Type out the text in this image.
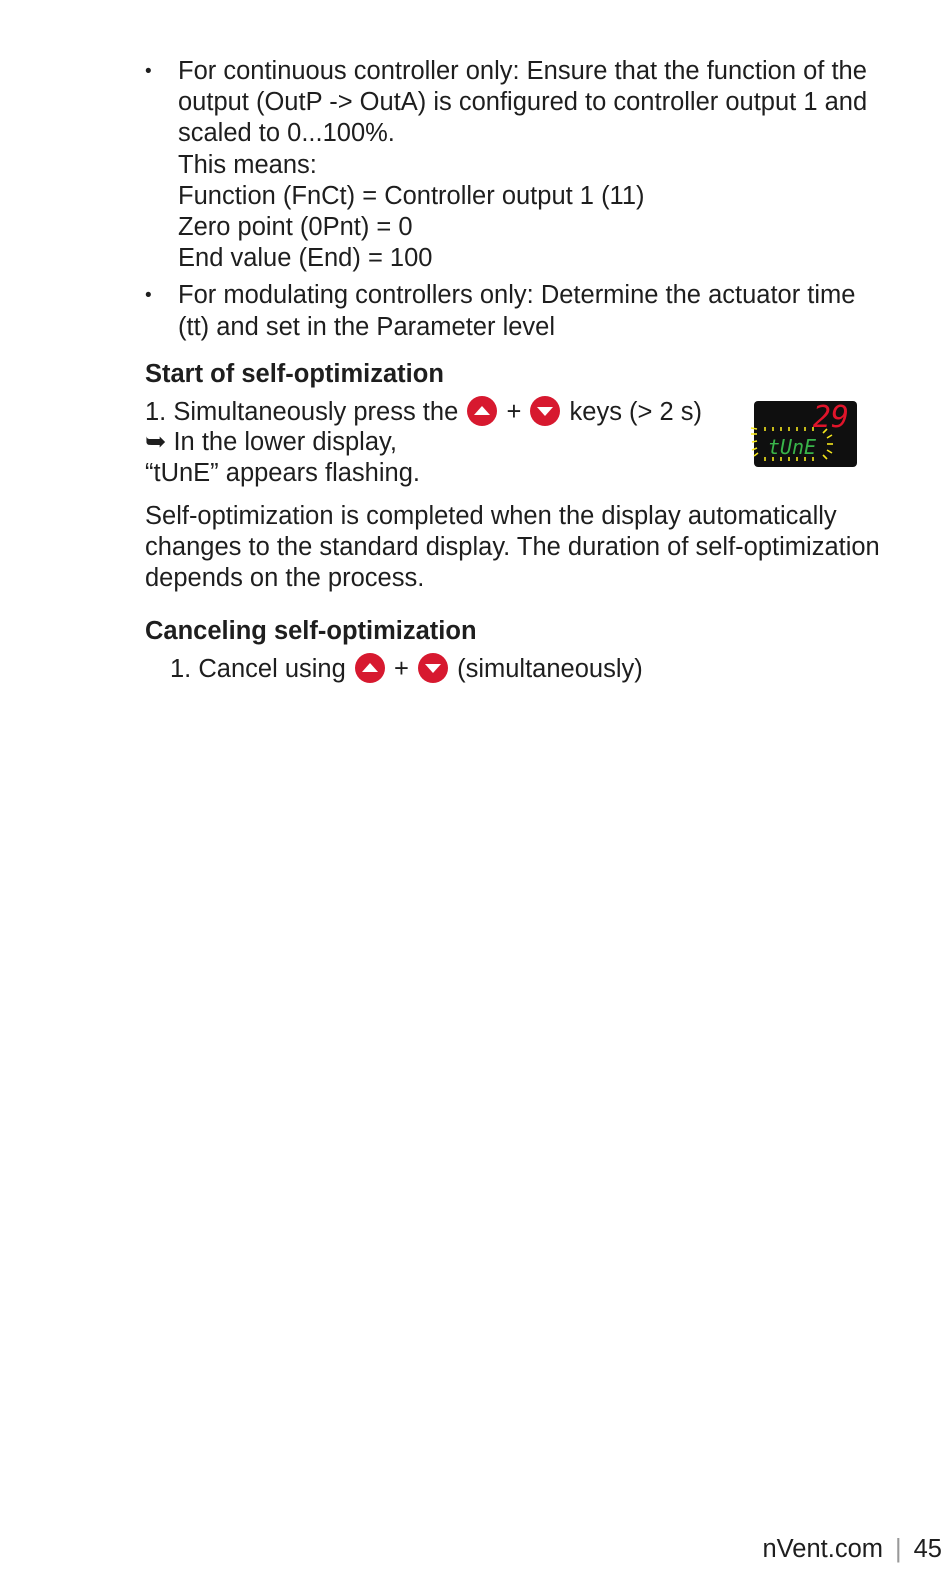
• For continuous controller only: Ensure that the function of the
output (OutP -> OutA) is configured to controller output 1 and
scaled to 0...100%.
This means:
Function (FnCt) = Controller output 1 (11)
Zero point (0Pnt) = 0
End value (End) = 100
• For modulating controllers only: Determine the actuator time
(tt) and set in the Parameter level
Start of self-optimization
1. Simultaneously press the + keys (> 2 s)
➥ In the lower display,
“tUnE” appears flashing.
29
tUnE
Self-optimization is completed when the display automatically
changes to the standard display. The duration of self-optimization
depends on the process.
Canceling self-optimization
1. Cancel using + (simultaneously)
nVent.com | 45
